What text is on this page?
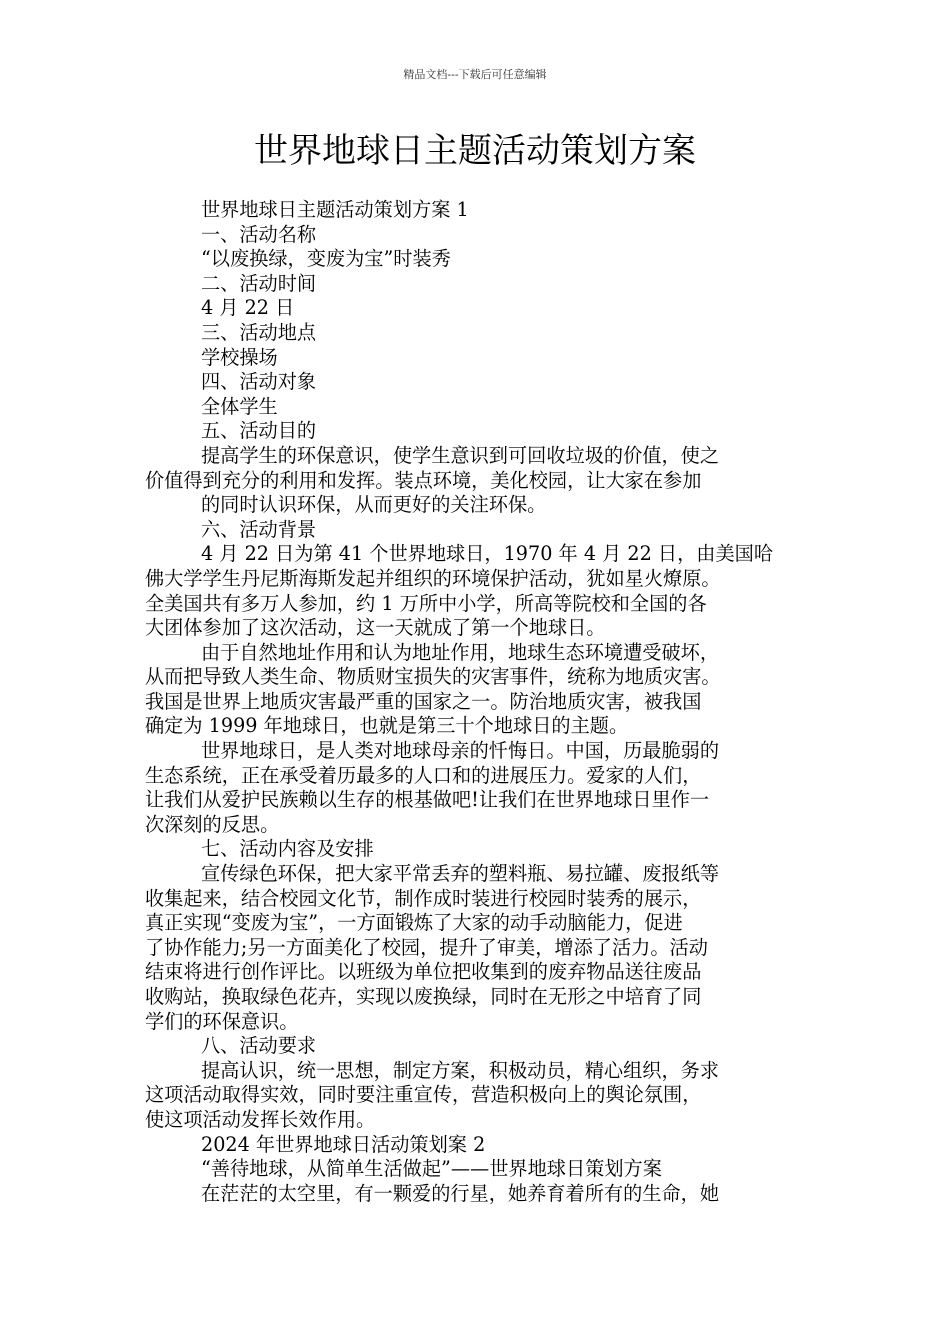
精品文档---下载后可任意编辑
世界地球日主题活动策划方案
世界地球日主题活动策划方案 1
一、活动名称
“以废换绿，变废为宝”时装秀
二、活动时间
4 月 22 日
三、活动地点
学校操场
四、活动对象
全体学生
五、活动目的
提高学生的环保意识，使学生意识到可回收垃圾的价值，使之
价值得到充分的利用和发挥。装点环境，美化校园，让大家在参加
的同时认识环保，从而更好的关注环保。
六、活动背景
4 月 22 日为第 41 个世界地球日，1970 年 4 月 22 日，由美国哈
佛大学学生丹尼斯海斯发起并组织的环境保护活动，犹如星火燎原。
全美国共有多万人参加，约 1 万所中小学，所高等院校和全国的各
大团体参加了这次活动，这一天就成了第一个地球日。
由于自然地址作用和认为地址作用，地球生态环境遭受破坏，
从而把导致人类生命、物质财宝损失的灾害事件，统称为地质灾害。
我国是世界上地质灾害最严重的国家之一。防治地质灾害，被我国
确定为 1999 年地球日，也就是第三十个地球日的主题。
世界地球日，是人类对地球母亲的忏悔日。中国，历最脆弱的
生态系统，正在承受着历最多的人口和的进展压力。爱家的人们，
让我们从爱护民族赖以生存的根基做吧!让我们在世界地球日里作一
次深刻的反思。
七、活动内容及安排
宣传绿色环保，把大家平常丢弃的塑料瓶、易拉罐、废报纸等
收集起来，结合校园文化节，制作成时装进行校园时装秀的展示，
真正实现“变废为宝”，一方面锻炼了大家的动手动脑能力，促进
了协作能力;另一方面美化了校园，提升了审美，增添了活力。活动
结束将进行创作评比。以班级为单位把收集到的废弃物品送往废品
收购站，换取绿色花卉，实现以废换绿，同时在无形之中培育了同
学们的环保意识。
八、活动要求
提高认识，统一思想，制定方案，积极动员，精心组织，务求
这项活动取得实效，同时要注重宣传，营造积极向上的舆论氛围，
使这项活动发挥长效作用。
2024 年世界地球日活动策划案 2
“善待地球，从简单生活做起”——世界地球日策划方案
在茫茫的太空里，有一颗爱的行星，她养育着所有的生命，她
